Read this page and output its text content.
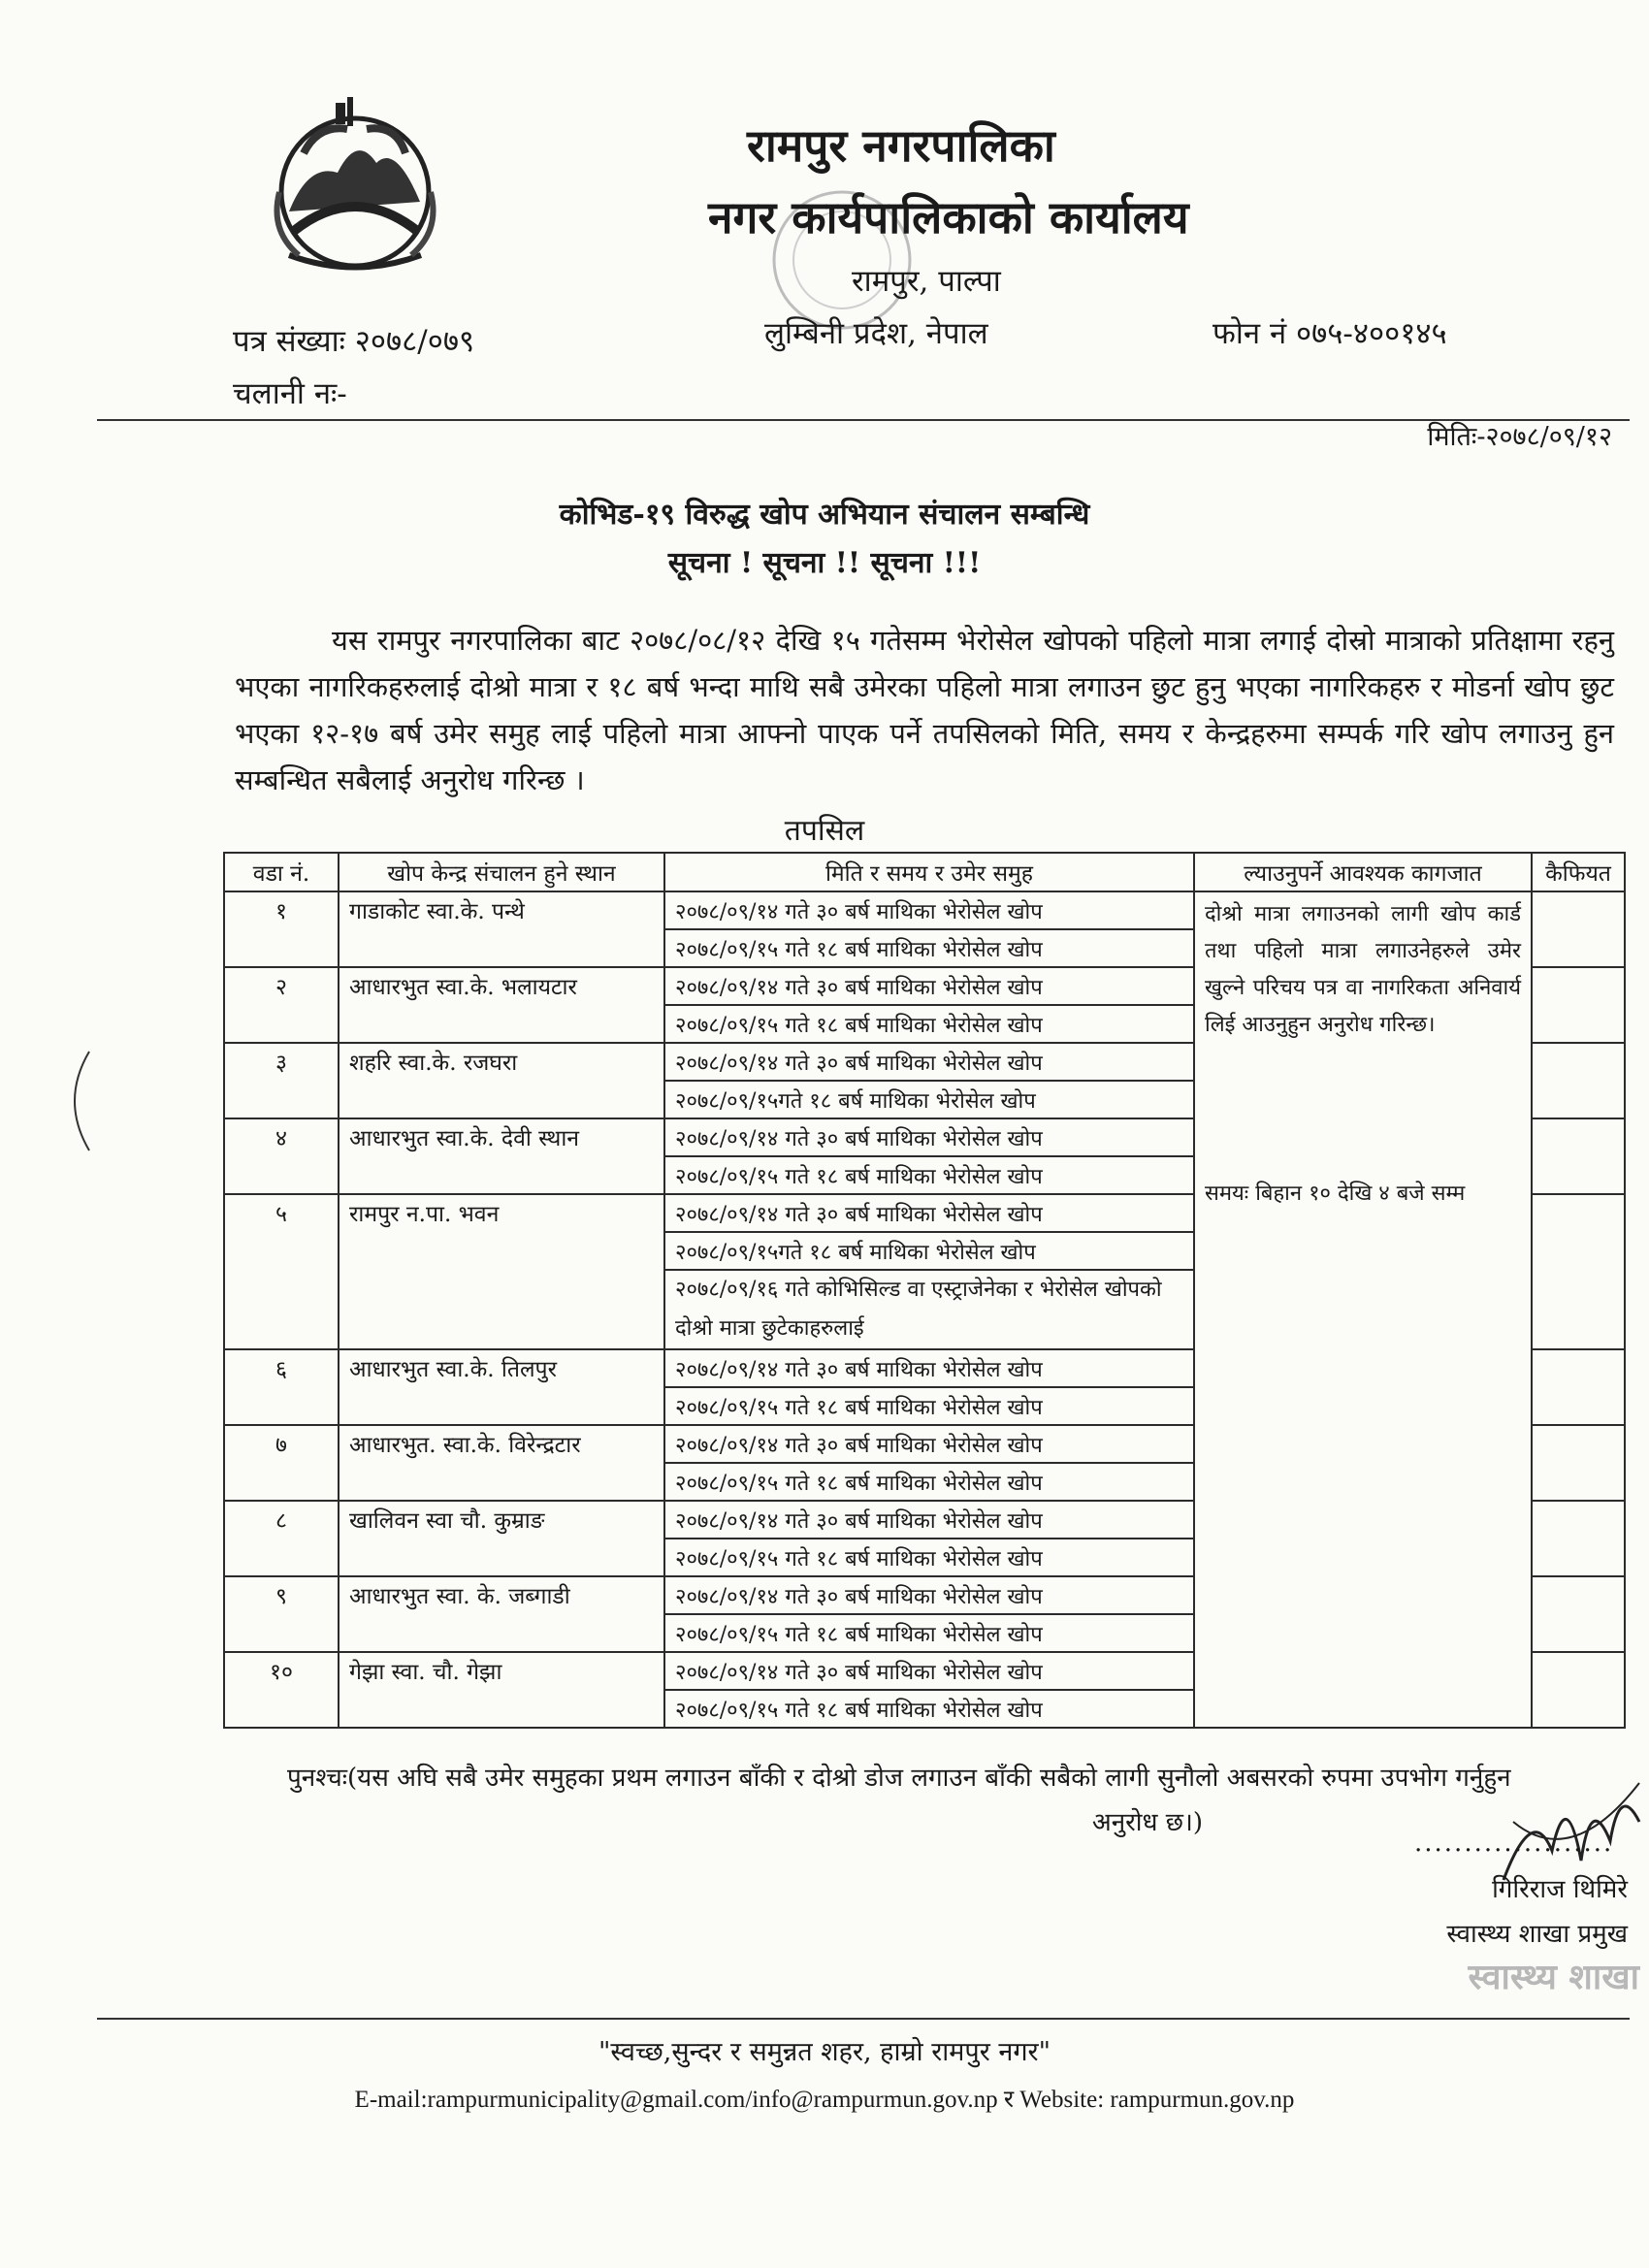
रामपुर नगरपालिका
नगर कार्यपालिकाको कार्यालय
रामपुर, पाल्पा
लुम्बिनी प्रदेश, नेपाल
पत्र संख्याः २०७८/०७९
चलानी नः-
फोन नं ०७५-४००१४५
मितिः-२०७८/०९/१२
कोभिड-१९ विरुद्ध खोप अभियान संचालन सम्बन्धि
सूचना ! सूचना !! सूचना !!!
यस रामपुर नगरपालिका बाट २०७८/०८/१२ देखि १५ गतेसम्म भेरोसेल खोपको पहिलो मात्रा लगाई दोस्रो मात्राको प्रतिक्षामा रहनु भएका नागरिकहरुलाई दोश्रो मात्रा र १८ बर्ष भन्दा माथि सबै उमेरका पहिलो मात्रा लगाउन छुट हुनु भएका नागरिकहरु र मोडर्ना खोप छुट भएका १२-१७ बर्ष उमेर समुह लाई पहिलो मात्रा आफ्नो पाएक पर्ने तपसिलको मिति, समय र केन्द्रहरुमा सम्पर्क गरि खोप लगाउनु हुन सम्बन्धित सबैलाई अनुरोध गरिन्छ ।
तपसिल
वडा नं.	खोप केन्द्र संचालन हुने स्थान	मिति र समय र उमेर समुह	ल्याउनुपर्ने आवश्यक कागजात	कैफियत
१	गाडाकोट स्वा.के. पन्थे	२०७८/०९/१४ गते ३० बर्ष माथिका भेरोसेल खोप	दोश्रो मात्रा लगाउनको लागी खोप कार्ड तथा पहिलो मात्रा लगाउनेहरुले उमेर खुल्ने परिचय पत्र वा नागरिकता अनिवार्य लिई आउनुहुन अनुरोध गरिन्छ।
समयः बिहान १० देखि ४ बजे सम्म	

		२०७८/०९/१५ गते १८ बर्ष माथिका भेरोसेल खोप		
२	आधारभुत स्वा.के. भलायटार	२०७८/०९/१४ गते ३० बर्ष माथिका भेरोसेल खोप		
		२०७८/०९/१५ गते १८ बर्ष माथिका भेरोसेल खोप		
३	शहरि स्वा.के. रजघरा	२०७८/०९/१४ गते ३० बर्ष माथिका भेरोसेल खोप		
		२०७८/०९/१५गते १८ बर्ष माथिका भेरोसेल खोप		
४	आधारभुत स्वा.के. देवी स्थान	२०७८/०९/१४ गते ३० बर्ष माथिका भेरोसेल खोप		
		२०७८/०९/१५ गते १८ बर्ष माथिका भेरोसेल खोप		
५	रामपुर न.पा. भवन	२०७८/०९/१४ गते ३० बर्ष माथिका भेरोसेल खोप		
		२०७८/०९/१५गते १८ बर्ष माथिका भेरोसेल खोप		
		२०७८/०९/१६ गते कोभिसिल्ड वा एस्ट्राजेनेका र भेरोसेल खोपको दोश्रो मात्रा छुटेकाहरुलाई		
६	आधारभुत स्वा.के. तिलपुर	२०७८/०९/१४ गते ३० बर्ष माथिका भेरोसेल खोप		
		२०७८/०९/१५ गते १८ बर्ष माथिका भेरोसेल खोप		
७	आधारभुत. स्वा.के. विरेन्द्रटार	२०७८/०९/१४ गते ३० बर्ष माथिका भेरोसेल खोप		
		२०७८/०९/१५ गते १८ बर्ष माथिका भेरोसेल खोप		
८	खालिवन स्वा चौ. कुम्राङ	२०७८/०९/१४ गते ३० बर्ष माथिका भेरोसेल खोप		
		२०७८/०९/१५ गते १८ बर्ष माथिका भेरोसेल खोप		
९	आधारभुत स्वा. के. जब्गाडी	२०७८/०९/१४ गते ३० बर्ष माथिका भेरोसेल खोप		
		२०७८/०९/१५ गते १८ बर्ष माथिका भेरोसेल खोप		
१०	गेझा स्वा. चौ. गेझा	२०७८/०९/१४ गते ३० बर्ष माथिका भेरोसेल खोप		
		२०७८/०९/१५ गते १८ बर्ष माथिका भेरोसेल खोप		
पुनश्चः(यस अघि सबै उमेर समुहका प्रथम लगाउन बाँकी र दोश्रो डोज लगाउन बाँकी सबैको लागी सुनौलो अबसरको रुपमा उपभोग गर्नुहुन
अनुरोध छ।)
....................
गिरिराज थिमिरे
स्वास्थ्य शाखा प्रमुख
स्वास्थ्य शाखा
"स्वच्छ,सुन्दर र समुन्नत शहर, हाम्रो रामपुर नगर"
E-mail:rampurmunicipality@gmail.com/info@rampurmun.gov.np र Website: rampurmun.gov.np
